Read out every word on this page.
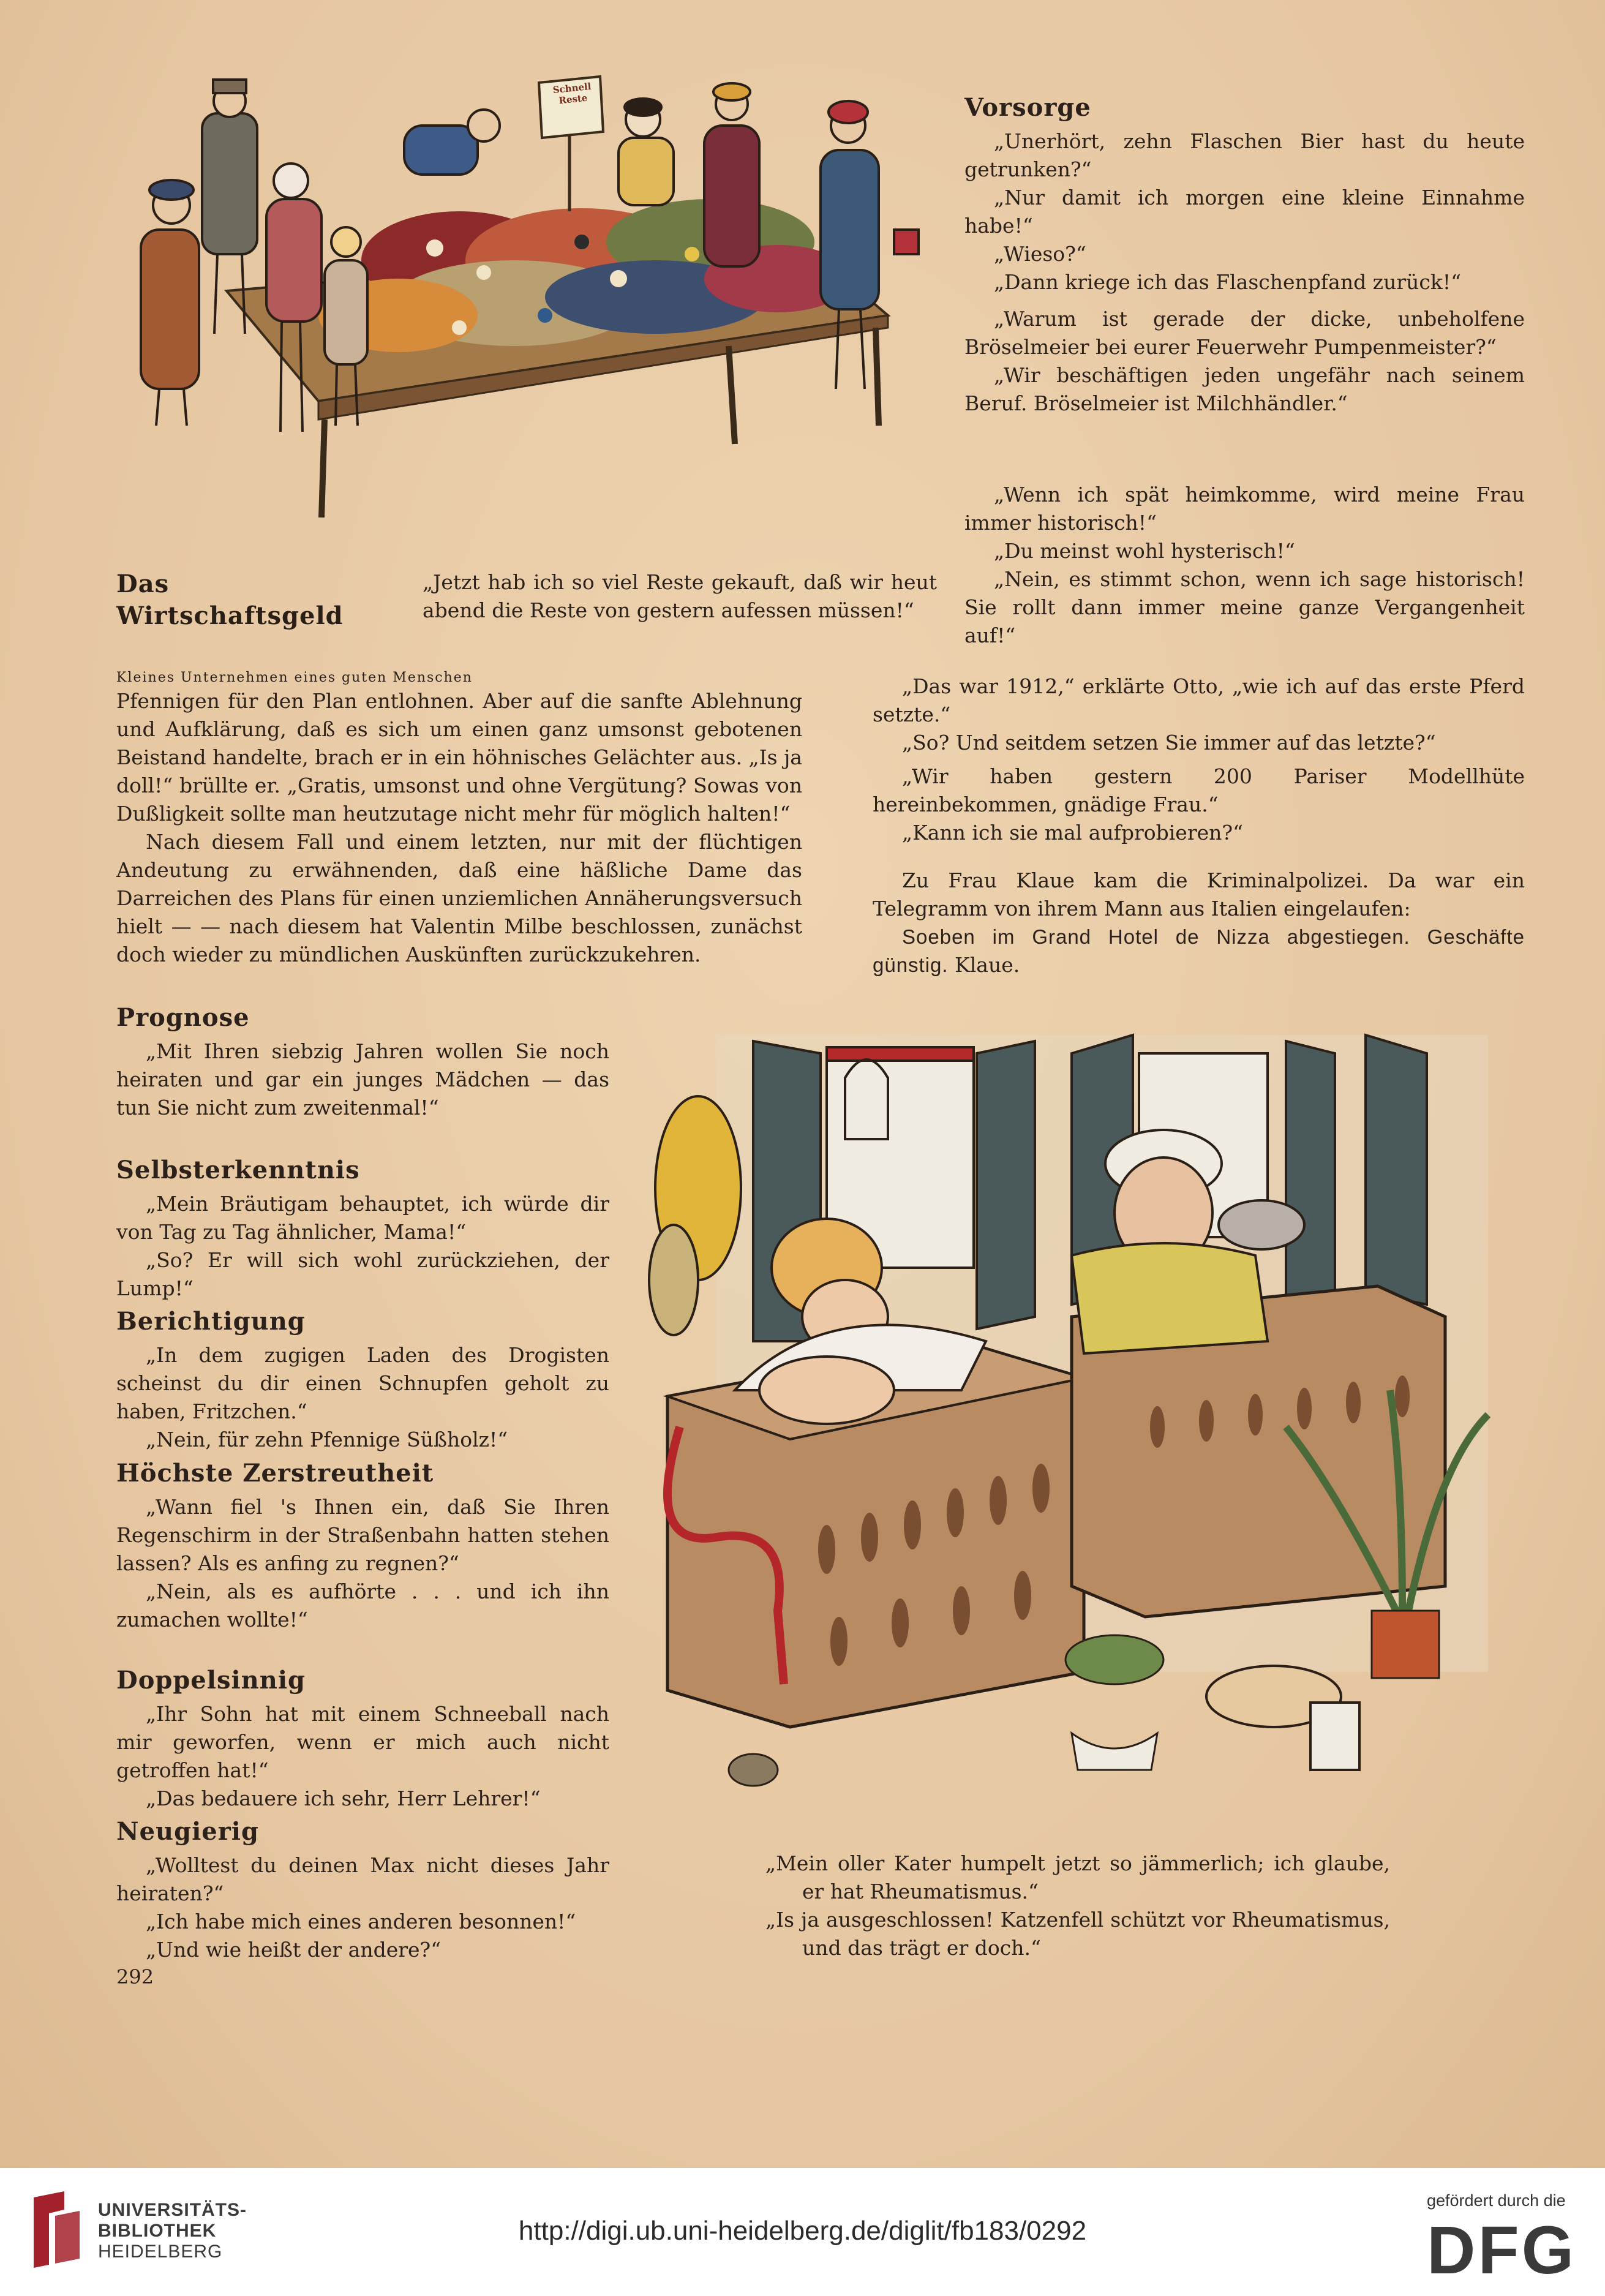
Schnell Reste	Vorsorge

„Unerhört, zehn Flaschen Bier hast du heute getrunken?“

„Nur damit ich morgen eine kleine Einnahme habe!“

„Wieso?“

„Dann kriege ich das Flaschenpfand zurück!“

„Warum ist gerade der dicke, unbeholfene Bröselmeier bei eurer Feuerwehr Pumpenmeister?“

„Wir beschäftigen jeden ungefähr nach seinem Beruf. Bröselmeier ist Milchhändler.“

„Wenn ich spät heimkomme, wird meine Frau immer historisch!“

„Du meinst wohl hysterisch!“

„Nein, es stimmt schon, wenn ich sage historisch! Sie rollt dann immer meine ganze Vergangenheit auf!“

Das Wirtschaftsgeld
„Jetzt hab ich so viel Reste gekauft, daß wir heut abend die Reste von gestern aufessen müssen!“
Kleines Unternehmen eines guten Menschen

Pfennigen für den Plan entlohnen. Aber auf die sanfte Ablehnung und Aufklärung, daß es sich um einen ganz umsonst gebotenen Beistand handelte, brach er in ein höhnisches Gelächter aus. „Is ja doll!“ brüllte er. „Gratis, umsonst und ohne Vergütung? Sowas von Dußligkeit sollte man heutzutage nicht mehr für möglich halten!“

Nach diesem Fall und einem letzten, nur mit der flüchtigen Andeutung zu erwähnenden, daß eine häßliche Dame das Darreichen des Plans für einen unziemlichen Annäherungsversuch hielt — — nach diesem hat Valentin Milbe beschlossen, zunächst doch wieder zu mündlichen Auskünften zurückzukehren.

„Das war 1912,“ erklärte Otto, „wie ich auf das erste Pferd setzte.“

„So? Und seitdem setzen Sie immer auf das letzte?“

„Wir haben gestern 200 Pariser Modellhüte hereinbekommen, gnädige Frau.“

„Kann ich sie mal aufprobieren?“

Zu Frau Klaue kam die Kriminalpolizei. Da war ein Telegramm von ihrem Mann aus Italien eingelaufen:

Soeben im Grand Hotel de Nizza abgestiegen. Geschäfte günstig. Klaue.

Prognose

„Mit Ihren siebzig Jahren wollen Sie noch heiraten und gar ein junges Mädchen — das tun Sie nicht zum zweitenmal!“

Selbsterkenntnis

„Mein Bräutigam behauptet, ich würde dir von Tag zu Tag ähnlicher, Mama!“

„So? Er will sich wohl zurückziehen, der Lump!“

Berichtigung

„In dem zugigen Laden des Drogisten scheinst du dir einen Schnupfen geholt zu haben, Fritzchen.“

„Nein, für zehn Pfennige Süßholz!“

Höchste Zerstreutheit

„Wann fiel 's Ihnen ein, daß Sie Ihren Regenschirm in der Straßenbahn hatten stehen lassen? Als es anfing zu regnen?“

„Nein, als es aufhörte . . . und ich ihn zumachen wollte!“

Doppelsinnig

„Ihr Sohn hat mit einem Schneeball nach mir geworfen, wenn er mich auch nicht getroffen hat!“

„Das bedauere ich sehr, Herr Lehrer!“

Neugierig

„Wolltest du deinen Max nicht dieses Jahr heiraten?“

„Ich habe mich eines anderen besonnen!“

„Und wie heißt der andere?“

292

„Mein oller Kater humpelt jetzt so jämmerlich; ich glaube, er hat Rheumatismus.“

„Is ja ausgeschlossen! Katzenfell schützt vor Rheumatismus, und das trägt er doch.“

UNIVERSITÄTS-
BIBLIOTHEK
HEIDELBERG
http://digi.ub.uni-heidelberg.de/diglit/fb183/0292
gefördert durch die
DFG
